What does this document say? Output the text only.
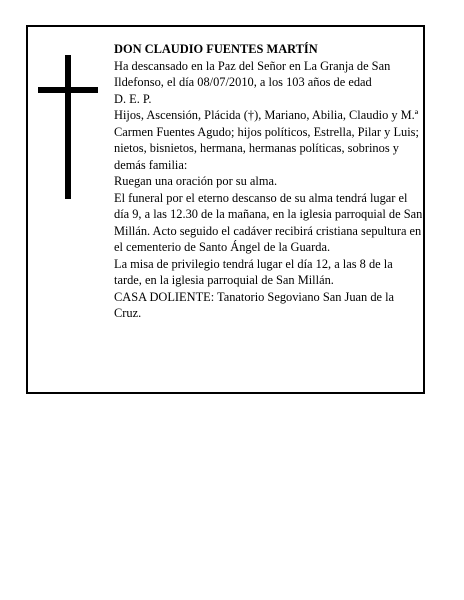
DON CLAUDIO FUENTES MARTÍN

Ha descansado en la Paz del Señor en La Granja de San Ildefonso, el día 08/07/2010, a los 103 años de edad

D. E. P.

Hijos, Ascensión, Plácida (†), Mariano, Abilia, Claudio y M.ª Carmen Fuentes Agudo; hijos políticos, Estrella, Pilar y Luis; nietos, bisnietos, hermana, hermanas políticas, sobrinos y demás familia:

Ruegan una oración por su alma.

El funeral por el eterno descanso de su alma tendrá lugar el día 9, a las 12.30 de la mañana, en la iglesia parroquial de San Millán. Acto seguido el cadáver recibirá cristiana sepultura en el cementerio de Santo Ángel de la Guarda.

La misa de privilegio tendrá lugar el día 12, a las 8 de la tarde, en la iglesia parroquial de San Millán.

CASA DOLIENTE: Tanatorio Segoviano San Juan de la Cruz.
